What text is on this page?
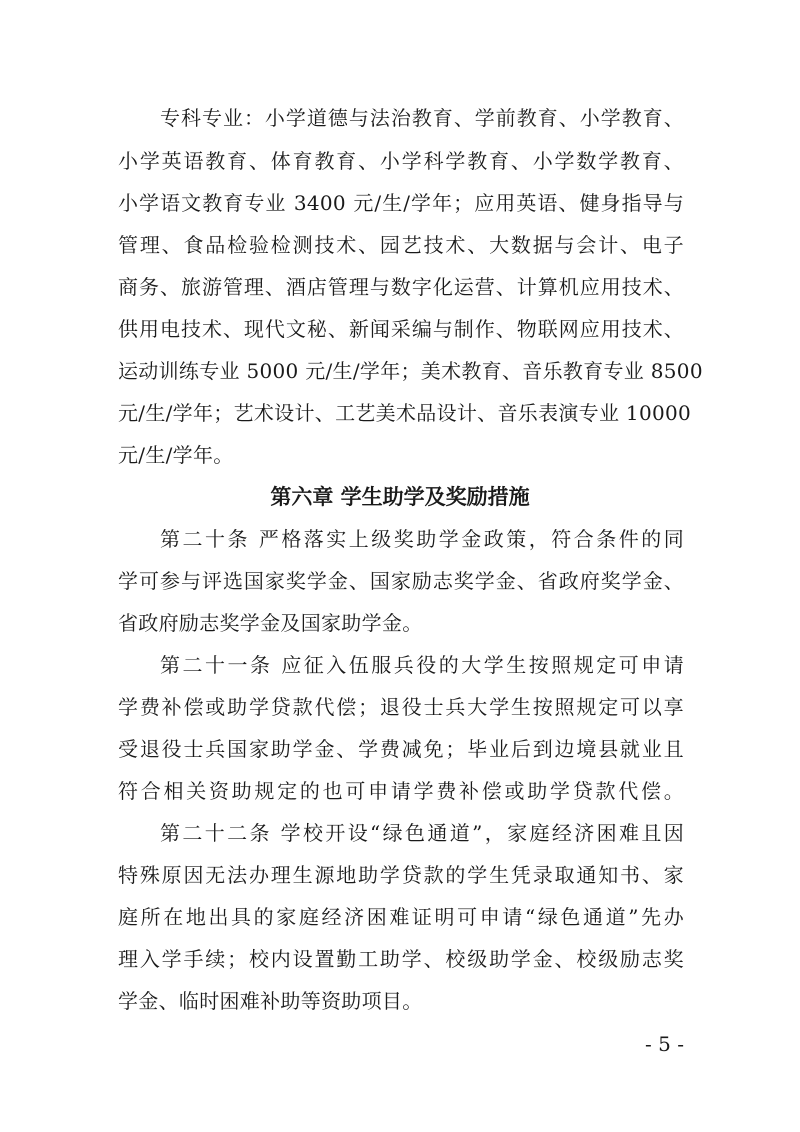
专科专业：小学道德与法治教育、学前教育、小学教育、
小学英语教育、体育教育、小学科学教育、小学数学教育、
小学语文教育专业 3400 元/生/学年；应用英语、健身指导与
管理、食品检验检测技术、园艺技术、大数据与会计、电子
商务、旅游管理、酒店管理与数字化运营、计算机应用技术、
供用电技术、现代文秘、新闻采编与制作、物联网应用技术、
运动训练专业 5000 元/生/学年；美术教育、音乐教育专业 8500
元/生/学年；艺术设计、工艺美术品设计、音乐表演专业 10000
元/生/学年。
第六章 学生助学及奖励措施
第二十条 严格落实上级奖助学金政策，符合条件的同
学可参与评选国家奖学金、国家励志奖学金、省政府奖学金、
省政府励志奖学金及国家助学金。
第二十一条 应征入伍服兵役的大学生按照规定可申请
学费补偿或助学贷款代偿；退役士兵大学生按照规定可以享
受退役士兵国家助学金、学费减免；毕业后到边境县就业且
符合相关资助规定的也可申请学费补偿或助学贷款代偿。
第二十二条 学校开设“绿色通道”，家庭经济困难且因
特殊原因无法办理生源地助学贷款的学生凭录取通知书、家
庭所在地出具的家庭经济困难证明可申请“绿色通道”先办
理入学手续；校内设置勤工助学、校级助学金、校级励志奖
学金、临时困难补助等资助项目。
- 5 -
